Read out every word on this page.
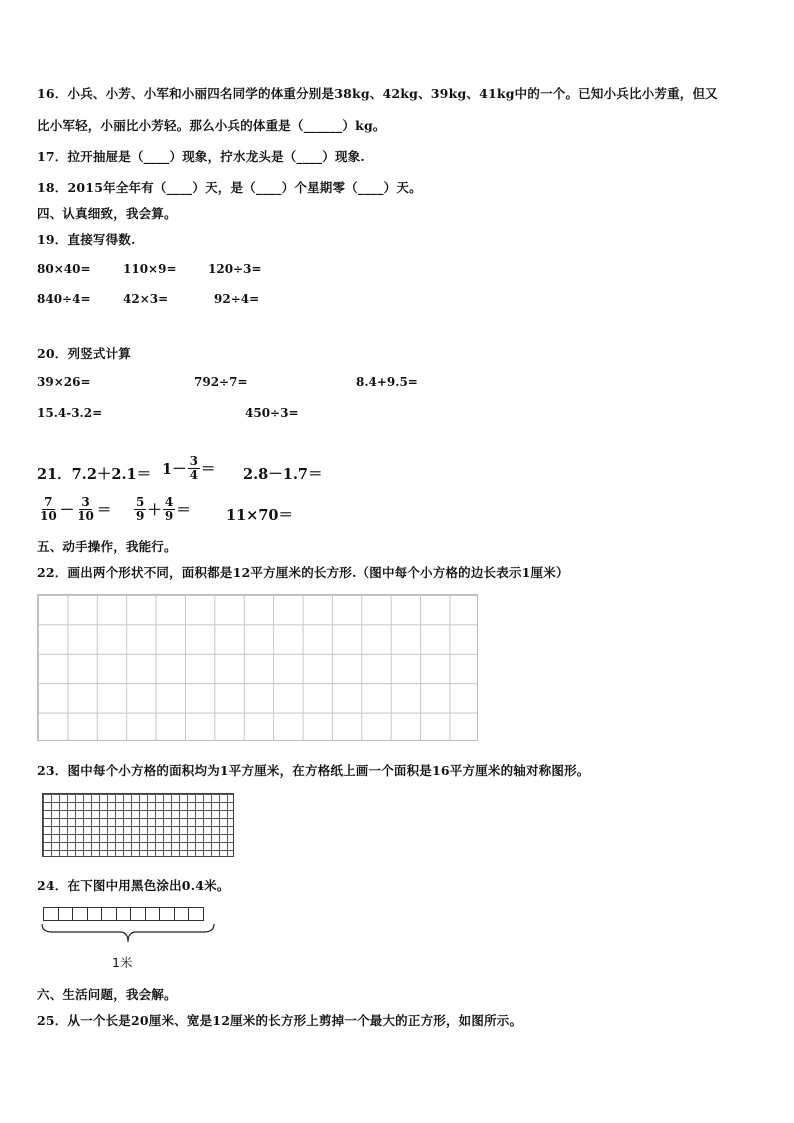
16．小兵、小芳、小军和小丽四名同学的体重分别是38kg、42kg、39kg、41kg中的一个。已知小兵比小芳重，但又
比小军轻，小丽比小芳轻。那么小兵的体重是（______）kg。
17．拉开抽屉是（____）现象，拧水龙头是（____）现象.
18．2015年全年有（____）天，是（____）个星期零（____）天。
四、认真细致，我会算。
19．直接写得数.
80×40=	110×9=	120÷3=
840÷4=	42×3=	92÷4=
20．列竖式计算
39×26=	792÷7=	8.4+9.5=
15.4-3.2=	450÷3=
21．$7.2+2.1= 1- \frac{3}{4} = 2.8-1.7=$
$\frac{7}{10} - \frac{3}{10} = \frac{5}{9} + \frac{4}{9} = 11\times 70=$
五、动手操作，我能行。
22．画出两个形状不同，面积都是12平方厘米的长方形.（图中每个小方格的边长表示1厘米）
23．图中每个小方格的面积均为1平方厘米，在方格纸上画一个面积是16平方厘米的轴对称图形。
24．在下图中用黑色涂出0.4米。
1米
六、生活问题，我会解。
25．从一个长是20厘米、宽是12厘米的长方形上剪掉一个最大的正方形，如图所示。
